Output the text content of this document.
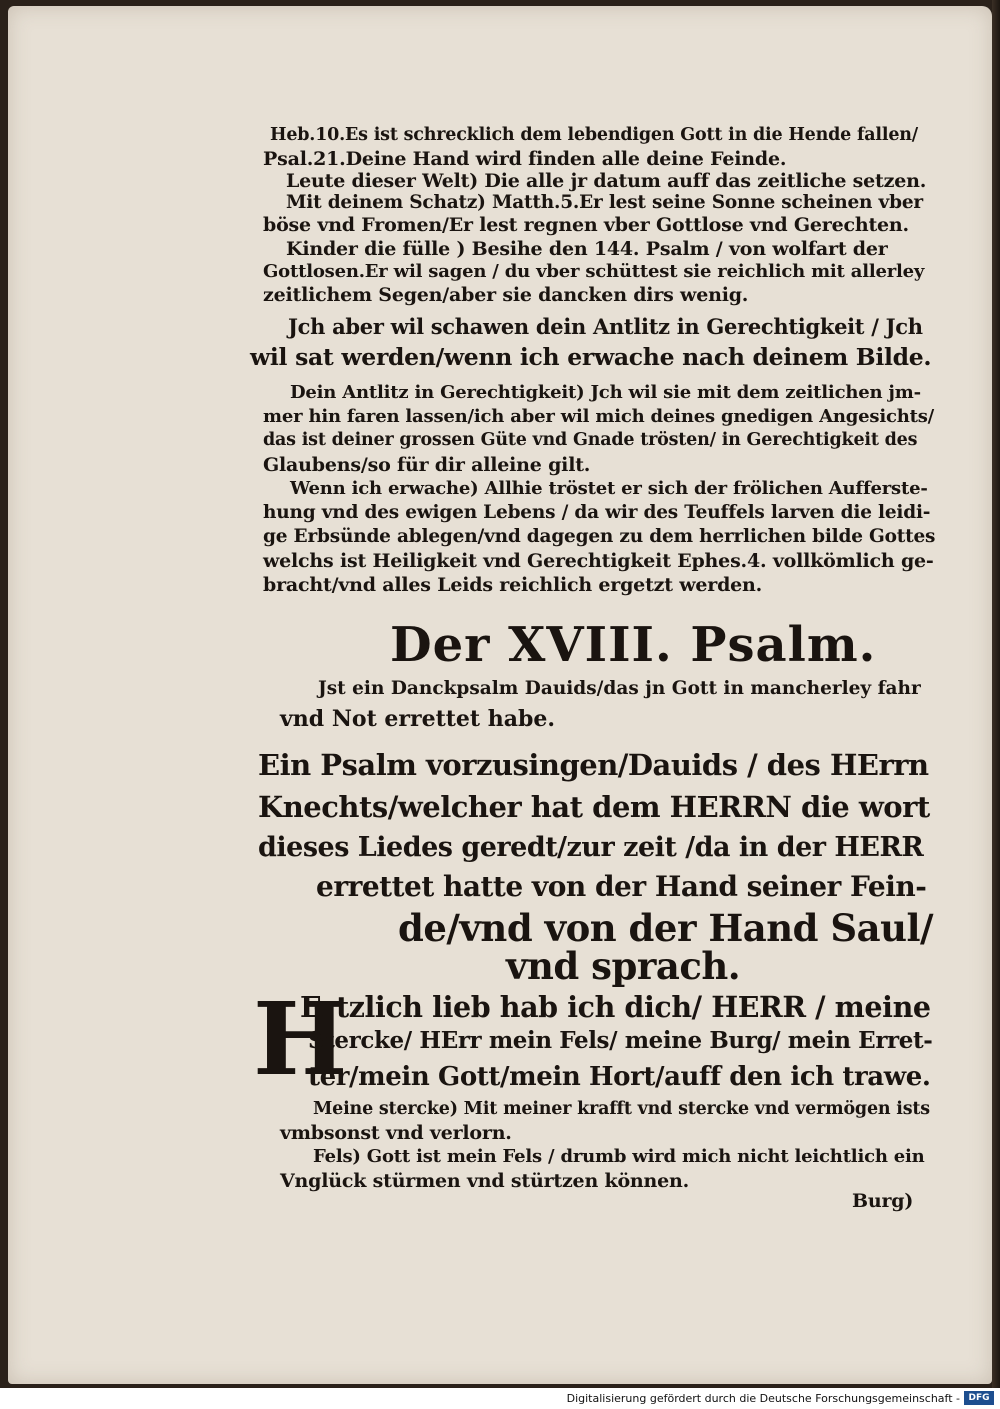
Heb.10.Es ist schrecklich dem lebendigen Gott in die Hende fallen/

Psal.21.Deine Hand wird finden alle deine Feinde.

Leute dieser Welt) Die alle jr datum auff das zeitliche setzen.

Mit deinem Schatz) Matth.5.Er lest seine Sonne scheinen vber

böse vnd Fromen/Er lest regnen vber Gottlose vnd Gerechten.

Kinder die fülle ) Besihe den 144. Psalm / von wolfart der

Gottlosen.Er wil sagen / du vber schüttest sie reichlich mit allerley

zeitlichem Segen/aber sie dancken dirs wenig.

Jch aber wil schawen dein Antlitz in Gerechtigkeit / Jch

wil sat werden/wenn ich erwache nach deinem Bilde.

Dein Antlitz in Gerechtigkeit) Jch wil sie mit dem zeitlichen jm-

mer hin faren lassen/ich aber wil mich deines gnedigen Angesichts/

das ist deiner grossen Güte vnd Gnade trösten/ in Gerechtigkeit des

Glaubens/so für dir alleine gilt.

Wenn ich erwache) Allhie tröstet er sich der frölichen Aufferste-

hung vnd des ewigen Lebens / da wir des Teuffels larven die leidi-

ge Erbsünde ablegen/vnd dagegen zu dem herrlichen bilde Gottes

welchs ist Heiligkeit vnd Gerechtigkeit Ephes.4. vollkömlich ge-

bracht/vnd alles Leids reichlich ergetzt werden.

Der XVIII. Psalm.

Jst ein Danckpsalm Dauids/das jn Gott in mancherley fahr

vnd Not errettet habe.

Ein Psalm vorzusingen/Dauids / des HErrn

Knechts/welcher hat dem HERRN die wort

dieses Liedes geredt/zur zeit /da in der HERR

errettet hatte von der Hand seiner Fein-

de/vnd von der Hand Saul/

vnd sprach.

H

Ertzlich lieb hab ich dich/ HERR / meine

Stercke/ HErr mein Fels/ meine Burg/ mein Erret-

ter/mein Gott/mein Hort/auff den ich trawe.

Meine stercke) Mit meiner krafft vnd stercke vnd vermögen ists

vmbsonst vnd verlorn.

Fels) Gott ist mein Fels / drumb wird mich nicht leichtlich ein

Vnglück stürmen vnd stürtzen können.

Burg)

Digitalisierung gefördert durch die Deutsche Forschungsgemeinschaft - DFG
